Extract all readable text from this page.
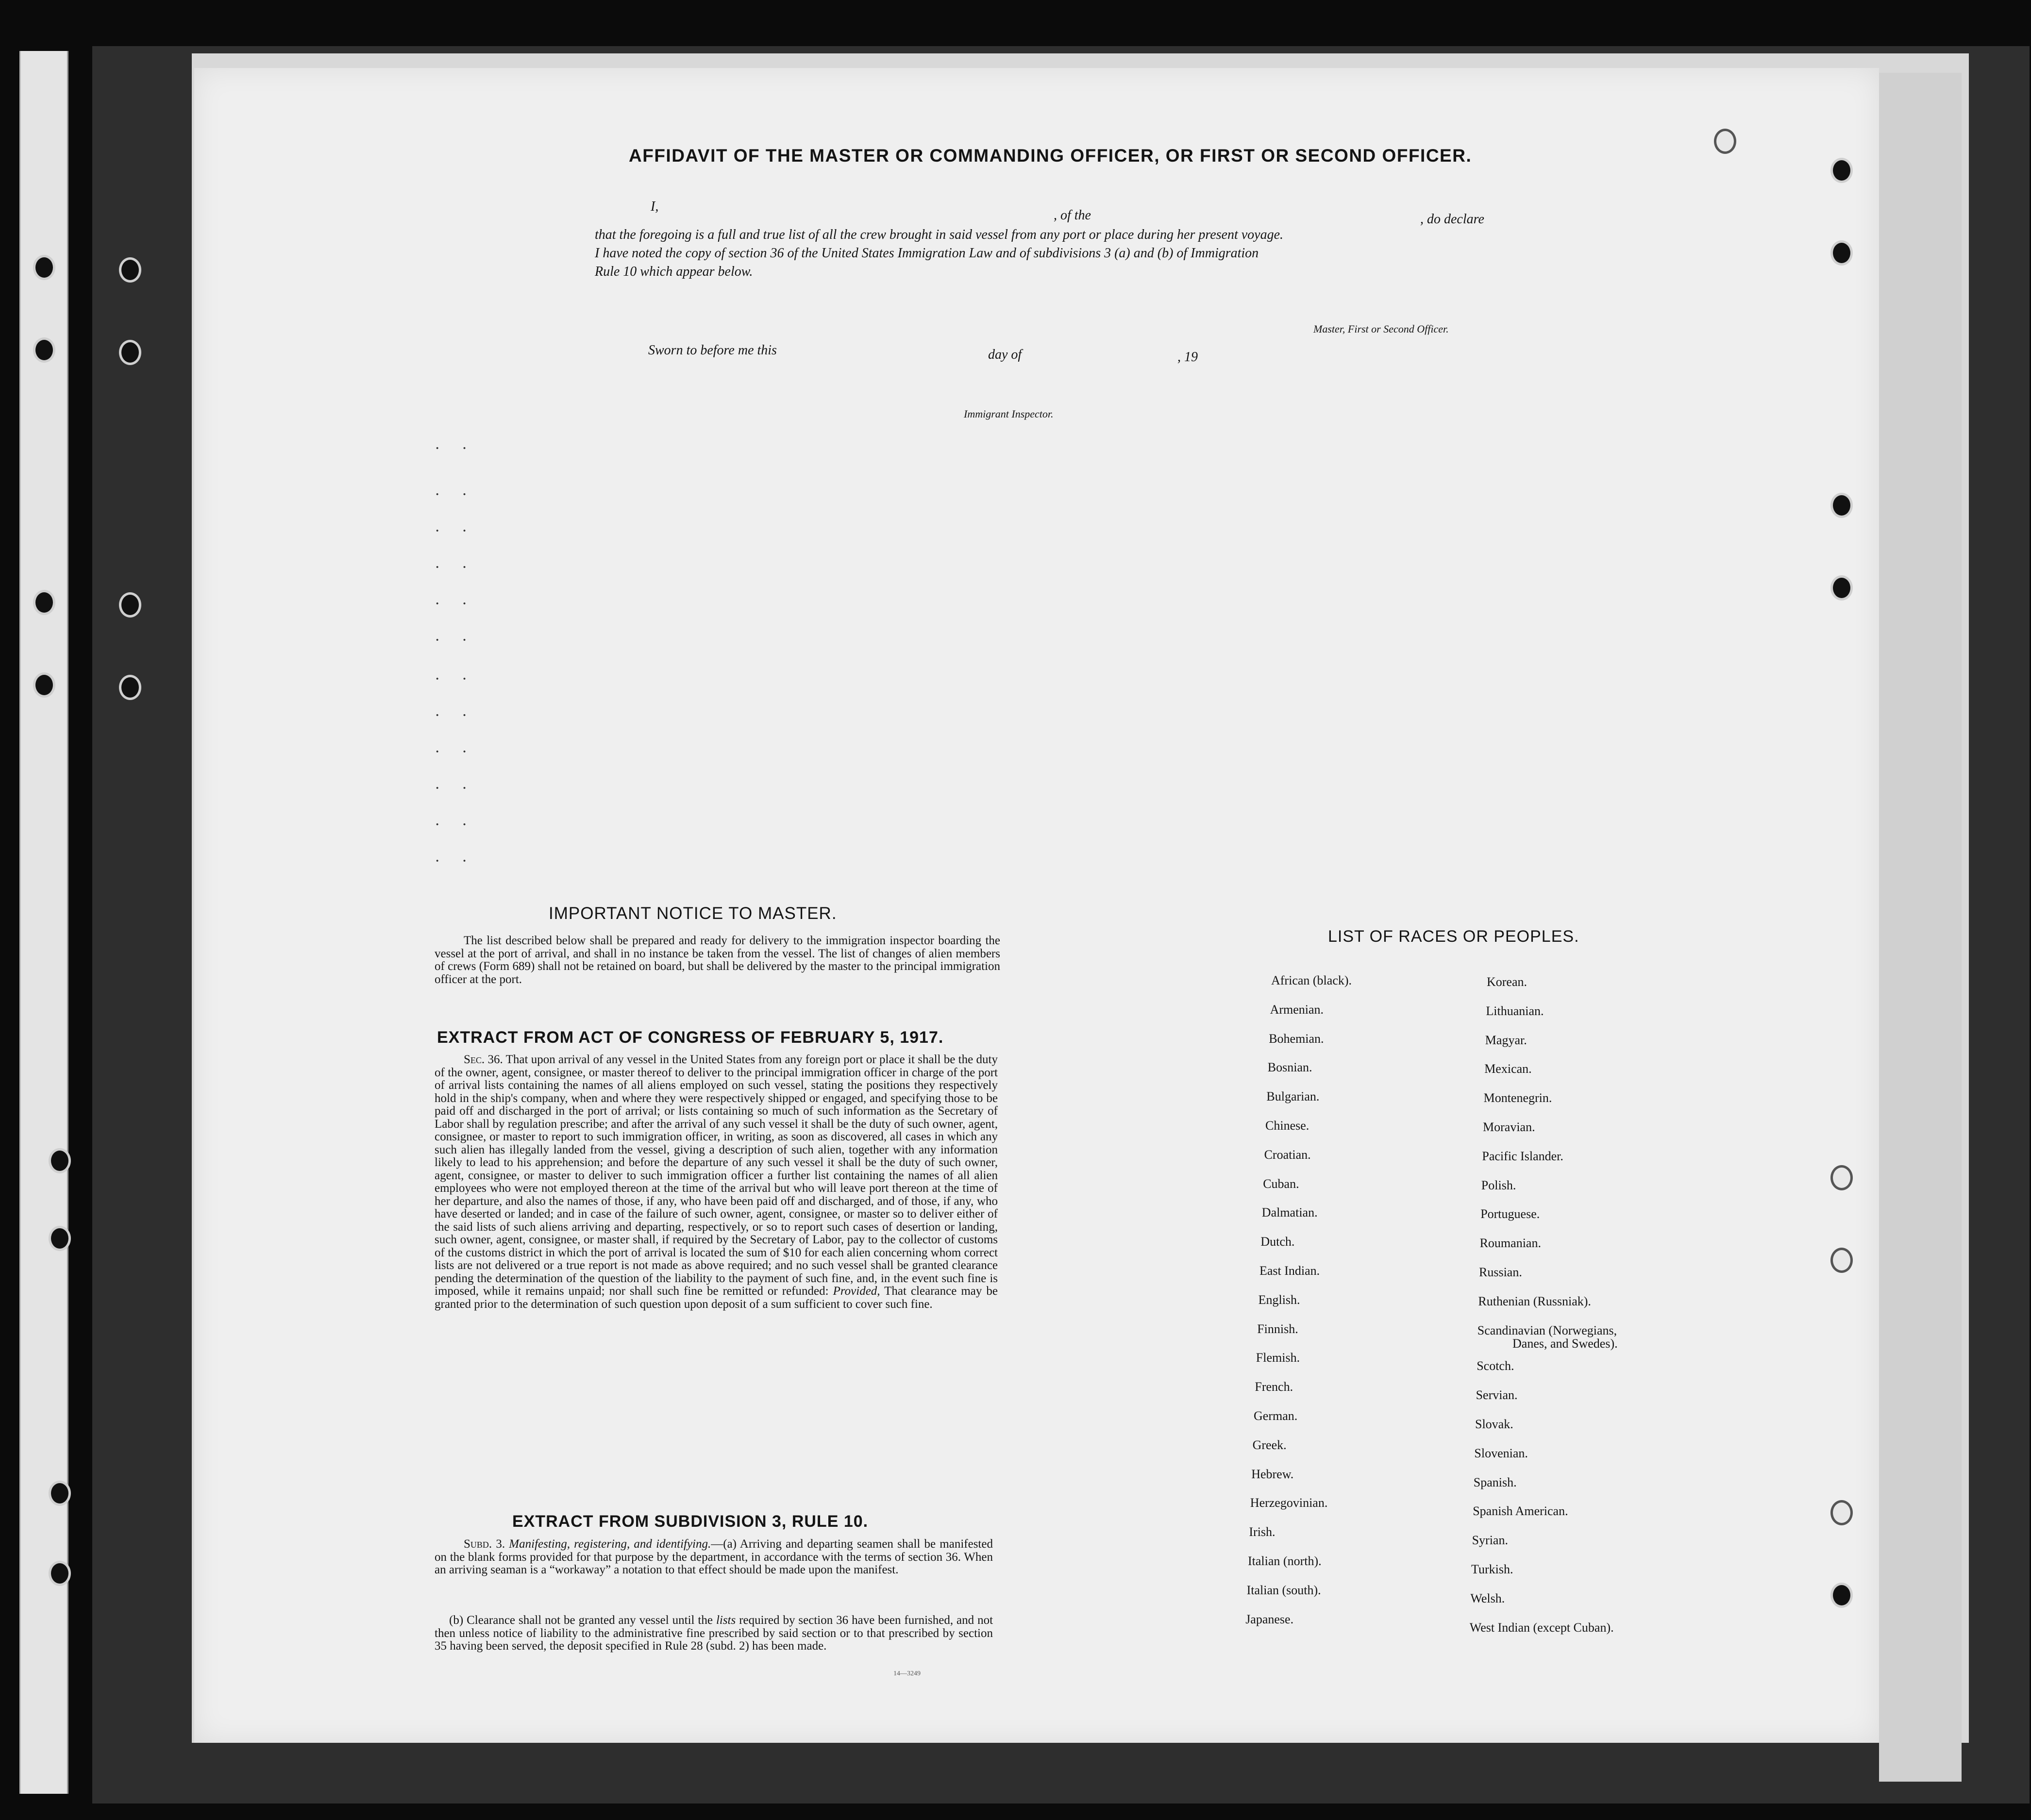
AFFIDAVIT OF THE MASTER OR COMMANDING OFFICER, OR FIRST OR SECOND OFFICER.
I,
, of the	, do declare
that the foregoing is a full and true list of all the crew brought in said vessel from any port or place during her present voyage.
I have noted the copy of section 36 of the United States Immigration Law and of subdivisions 3 (a) and (b) of Immigration
Rule 10 which appear below.
Master, First or Second Officer.
Sworn to before me this	day of	, 19
Immigrant Inspector.
· ·
· ·
· ·
· ·
· ·
· ·
· ·
· ·
· ·
· ·
· ·
· ·
IMPORTANT NOTICE TO MASTER.
The list described below shall be prepared and ready for delivery to the immigration inspector boarding the vessel at the port of arrival, and shall in no instance be taken from the vessel. The list of changes of alien members of crews (Form 689) shall not be retained on board, but shall be delivered by the master to the principal immigration officer at the port.
EXTRACT FROM ACT OF CONGRESS OF FEBRUARY 5, 1917.
Sec. 36. That upon arrival of any vessel in the United States from any foreign port or place it shall be the duty of the owner, agent, consignee, or master thereof to deliver to the principal immigration officer in charge of the port of arrival lists containing the names of all aliens employed on such vessel, stating the positions they respectively hold in the ship's company, when and where they were respectively shipped or engaged, and specifying those to be paid off and discharged in the port of arrival; or lists containing so much of such information as the Secretary of Labor shall by regulation prescribe; and after the arrival of any such vessel it shall be the duty of such owner, agent, consignee, or master to report to such immigration officer, in writing, as soon as discovered, all cases in which any such alien has illegally landed from the vessel, giving a description of such alien, together with any information likely to lead to his apprehension; and before the departure of any such vessel it shall be the duty of such owner, agent, consignee, or master to deliver to such immigration officer a further list containing the names of all alien employees who were not employed thereon at the time of the arrival but who will leave port thereon at the time of her departure, and also the names of those, if any, who have been paid off and discharged, and of those, if any, who have deserted or landed; and in case of the failure of such owner, agent, consignee, or master so to deliver either of the said lists of such aliens arriving and departing, respectively, or so to report such cases of desertion or landing, such owner, agent, consignee, or master shall, if required by the Secretary of Labor, pay to the collector of customs of the customs district in which the port of arrival is located the sum of $10 for each alien concerning whom correct lists are not delivered or a true report is not made as above required; and no such vessel shall be granted clearance pending the determination of the question of the liability to the payment of such fine, and, in the event such fine is imposed, while it remains unpaid; nor shall such fine be remitted or refunded: Provided, That clearance may be granted prior to the determination of such question upon deposit of a sum sufficient to cover such fine.
EXTRACT FROM SUBDIVISION 3, RULE 10.
Subd. 3. Manifesting, registering, and identifying.—(a) Arriving and departing seamen shall be manifested on the blank forms provided for that purpose by the department, in accordance with the terms of section 36. When an arriving seaman is a “workaway” a notation to that effect should be made upon the manifest.
(b) Clearance shall not be granted any vessel until the lists required by section 36 have been furnished, and not then unless notice of liability to the administrative fine prescribed by said section or to that prescribed by section 35 having been served, the deposit specified in Rule 28 (subd. 2) has been made.
14—3249
LIST OF RACES OR PEOPLES.
African (black).
Armenian.
Bohemian.
Bosnian.
Bulgarian.
Chinese.
Croatian.
Cuban.
Dalmatian.
Dutch.
East Indian.
English.
Finnish.
Flemish.
French.
German.
Greek.
Hebrew.
Herzegovinian.
Irish.
Italian (north).
Italian (south).
Japanese.
Korean.
Lithuanian.
Magyar.
Mexican.
Montenegrin.
Moravian.
Pacific Islander.
Polish.
Portuguese.
Roumanian.
Russian.
Ruthenian (Russniak).
Scandinavian (Norwegians,
Danes, and Swedes).
Scotch.
Servian.
Slovak.
Slovenian.
Spanish.
Spanish American.
Syrian.
Turkish.
Welsh.
West Indian (except Cuban).
